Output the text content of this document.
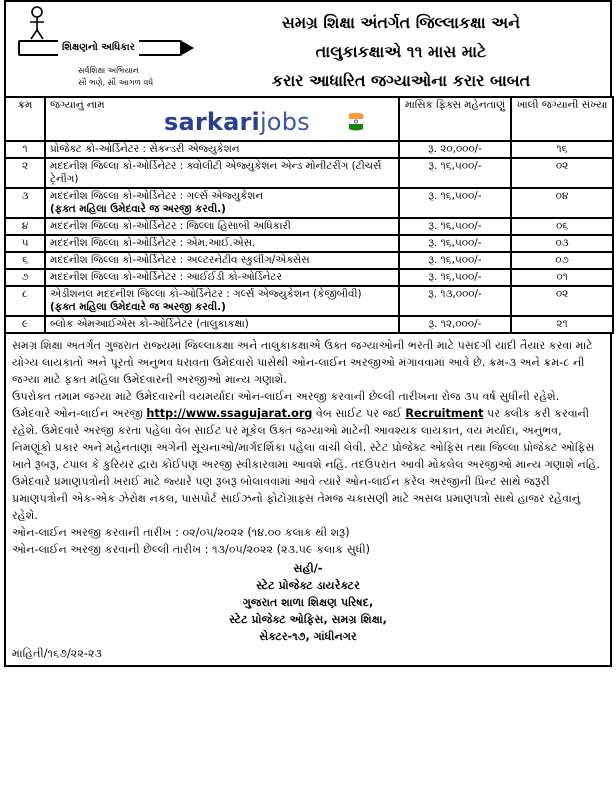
શિક્ષણનો અધિકાર
સર્વશિક્ષા અભિયાન
સૌ ભણે, સૌ આગળ વધે
સમગ્ર શિક્ષા અંતર્ગત જિલ્લાકક્ષા અને
તાલુકાકક્ષાએ ૧૧ માસ માટે
કરાર આધારિત જગ્યાઓના કરાર બાબત
ક્રમ	જગ્યાનું નામ	માસિક ફિક્સ મહેનતાણું	ખાલી જગ્યાની સંખ્યા
૧	પ્રોજેક્ટ કો-ઓર્ડિનેટર : સેકન્ડરી એજ્યુકેશન	રૂ. ૨૦,૦૦૦/-	૧૬
૨	મદદનીશ જિલ્લા કો-ઓર્ડિનેટર : ક્વોલીટી એજ્યુકેશન એન્ડ મોનીટરીંગ (ટીચર્સ ટ્રેનીંગ)	રૂ. ૧૬,૫૦૦/-	૦૨
૩	મદદનીશ જિલ્લા કો-ઓર્ડિનેટર : ગર્લ્સ એજ્યુકેશન
(ફક્ત મહિલા ઉમેદવારે જ અરજી કરવી.)	રૂ. ૧૬,૫૦૦/-	૦૪
૪	મદદનીશ જિલ્લા કો-ઓર્ડિનેટર : જિલ્લા હિસાબી અધિકારી	રૂ. ૧૬,૫૦૦/-	૦૬
૫	મદદનીશ જિલ્લા કો-ઓર્ડિનેટર : એમ.આઈ.એસ.	રૂ. ૧૬,૫૦૦/-	૦૩
૬	મદદનીશ જિલ્લા કો-ઓર્ડિનેટર : અલ્ટરનેટીવ સ્કુલીંગ/એક્સેસ	રૂ. ૧૬,૫૦૦/-	૦૭
૭	મદદનીશ જિલ્લા કો-ઓર્ડિનેટર : આઈઈડી કો-ઓર્ડિનેટર	રૂ. ૧૬,૫૦૦/-	૦૧
૮	એડીશનલ મદદનીશ જિલ્લા કો-ઓર્ડિનેટર : ગર્લ્સ એજ્યુકેશન (કેજીબીવી)
(ફક્ત મહિલા ઉમેદવારે જ અરજી કરવી.)	રૂ. ૧૩,૦૦૦/-	૦૨
૯	બ્લોક એમઆઈએસ કો-ઓર્ડિનેટર (તાલુકાકક્ષા)	રૂ. ૧૨,૦૦૦/-	૨૧
sarkarijobs

સમગ્ર શિક્ષા અંતર્ગત ગુજરાત રાજ્યમાં જિલ્લાકક્ષા અને તાલુકાકક્ષાએ ઉક્ત જગ્યાઓની ભરતી માટે પસંદગી યાદી તૈયાર કરવા માટે યોગ્ય લાયકાતો અને પૂરતો અનુભવ ધરાવતા ઉમેદવારો પાસેથી ઓન-લાઈન અરજીઓ મંગાવવામાં આવે છે. ક્રમ-૩ અને ક્રમ-૮ ની જગ્યા માટે ફક્ત મહિલા ઉમેદવારની અરજીઓ માન્ય ગણાશે.

ઉપરોક્ત તમામ જગ્યા માટે ઉમેદવારની વયમર્યાદા ઓન-લાઈન અરજી કરવાની છેલ્લી તારીખના રોજ ૩૫ વર્ષ સુધીની રહેશે.

ઉમેદવારે ઓન-લાઈન અરજી http://www.ssagujarat.org વેબ સાઈટ પર જઈ Recruitment પર ક્લીક કરી કરવાની રહેશે. ઉમેદવારે અરજી કરતાં પહેલા વેબ સાઈટ પર મૂકેલ ઉક્ત જગ્યાઓ માટેની આવશ્યક લાયકાત, વય મર્યાદા, અનુભવ, નિમણૂંકો પ્રકાર અને મહેનતાણા અંગેની સૂચનાઓ/માર્ગદર્શિકા પહેલા વાંચી લેવી. સ્ટેટ પ્રોજેક્ટ ઓફિસ તથા જિલ્લા પ્રોજેક્ટ ઓફિસ ખાતે રૂબરૂ, ટપાલ કે કુરિયર દ્વારા કોઈપણ અરજી સ્વીકારવામાં આવશે નહિં. તદઉપરાંત આવી મોકલેલ અરજીઓ માન્ય ગણાશે નહિં.

ઉમેદવારે પ્રમાણપત્રોની ખરાઈ માટે જ્યારે પણ રૂબરૂ બોલાવવામાં આવે ત્યારે ઓન-લાઈન કરેલ અરજીની પ્રિન્ટ સાથે જરૂરી પ્રમાણપત્રોની એક-એક ઝેરોક્ષ નકલ, પાસપોર્ટ સાઈઝનો ફોટોગ્રાફ્સ તેમજ ચકાસણી માટે અસલ પ્રમાણપત્રો સાથે હાજર રહેવાનું રહેશે.

ઓન-લાઈન અરજી કરવાની તારીખ : ૦૨/૦૫/૨૦૨૨ (૧૪.૦૦ કલાક થી શરૂ)

ઓન-લાઈન અરજી કરવાની છેલ્લી તારીખ : ૧૩/૦૫/૨૦૨૨ (૨૩.૫૯ કલાક સુધી)

સહી/-
સ્ટેટ પ્રોજેક્ટ ડાયરેક્ટર
ગુજરાત શાળા શિક્ષણ પરિષદ,
સ્ટેટ પ્રોજેક્ટ ઓફિસ, સમગ્ર શિક્ષા,
સેક્ટર-૧૭, ગાંધીનગર
માહિતી/૧૬૭/૨૨-૨૩
